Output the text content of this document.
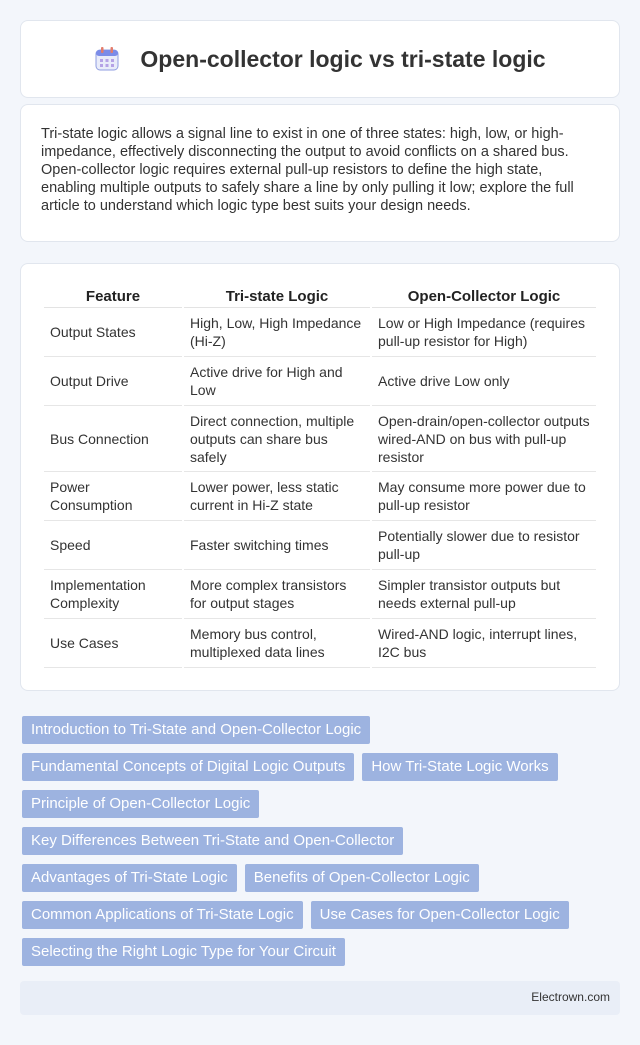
Open-collector logic vs tri-state logic

Tri-state logic allows a signal line to exist in one of three states: high, low, or high-impedance, effectively disconnecting the output to avoid conflicts on a shared bus. Open-collector logic requires external pull-up resistors to define the high state, enabling multiple outputs to safely share a line by only pulling it low; explore the full article to understand which logic type best suits your design needs.

Feature	Tri-state Logic	Open-Collector Logic
Output States	High, Low, High Impedance (Hi-Z)	Low or High Impedance (requires pull-up resistor for High)
Output Drive	Active drive for High and Low	Active drive Low only
Bus Connection	Direct connection, multiple outputs can share bus safely	Open-drain/open-collector outputs wired-AND on bus with pull-up resistor
Power Consumption	Lower power, less static current in Hi-Z state	May consume more power due to pull-up resistor
Speed	Faster switching times	Potentially slower due to resistor pull-up
Implementation Complexity	More complex transistors for output stages	Simpler transistor outputs but needs external pull-up
Use Cases	Memory bus control, multiplexed data lines	Wired-AND logic, interrupt lines, I2C bus
Introduction to Tri-State and Open-Collector Logic
Fundamental Concepts of Digital Logic Outputs	How Tri-State Logic Works
Principle of Open-Collector Logic
Key Differences Between Tri-State and Open-Collector
Advantages of Tri-State Logic	Benefits of Open-Collector Logic
Common Applications of Tri-State Logic	Use Cases for Open-Collector Logic
Selecting the Right Logic Type for Your Circuit
Electrown.com
